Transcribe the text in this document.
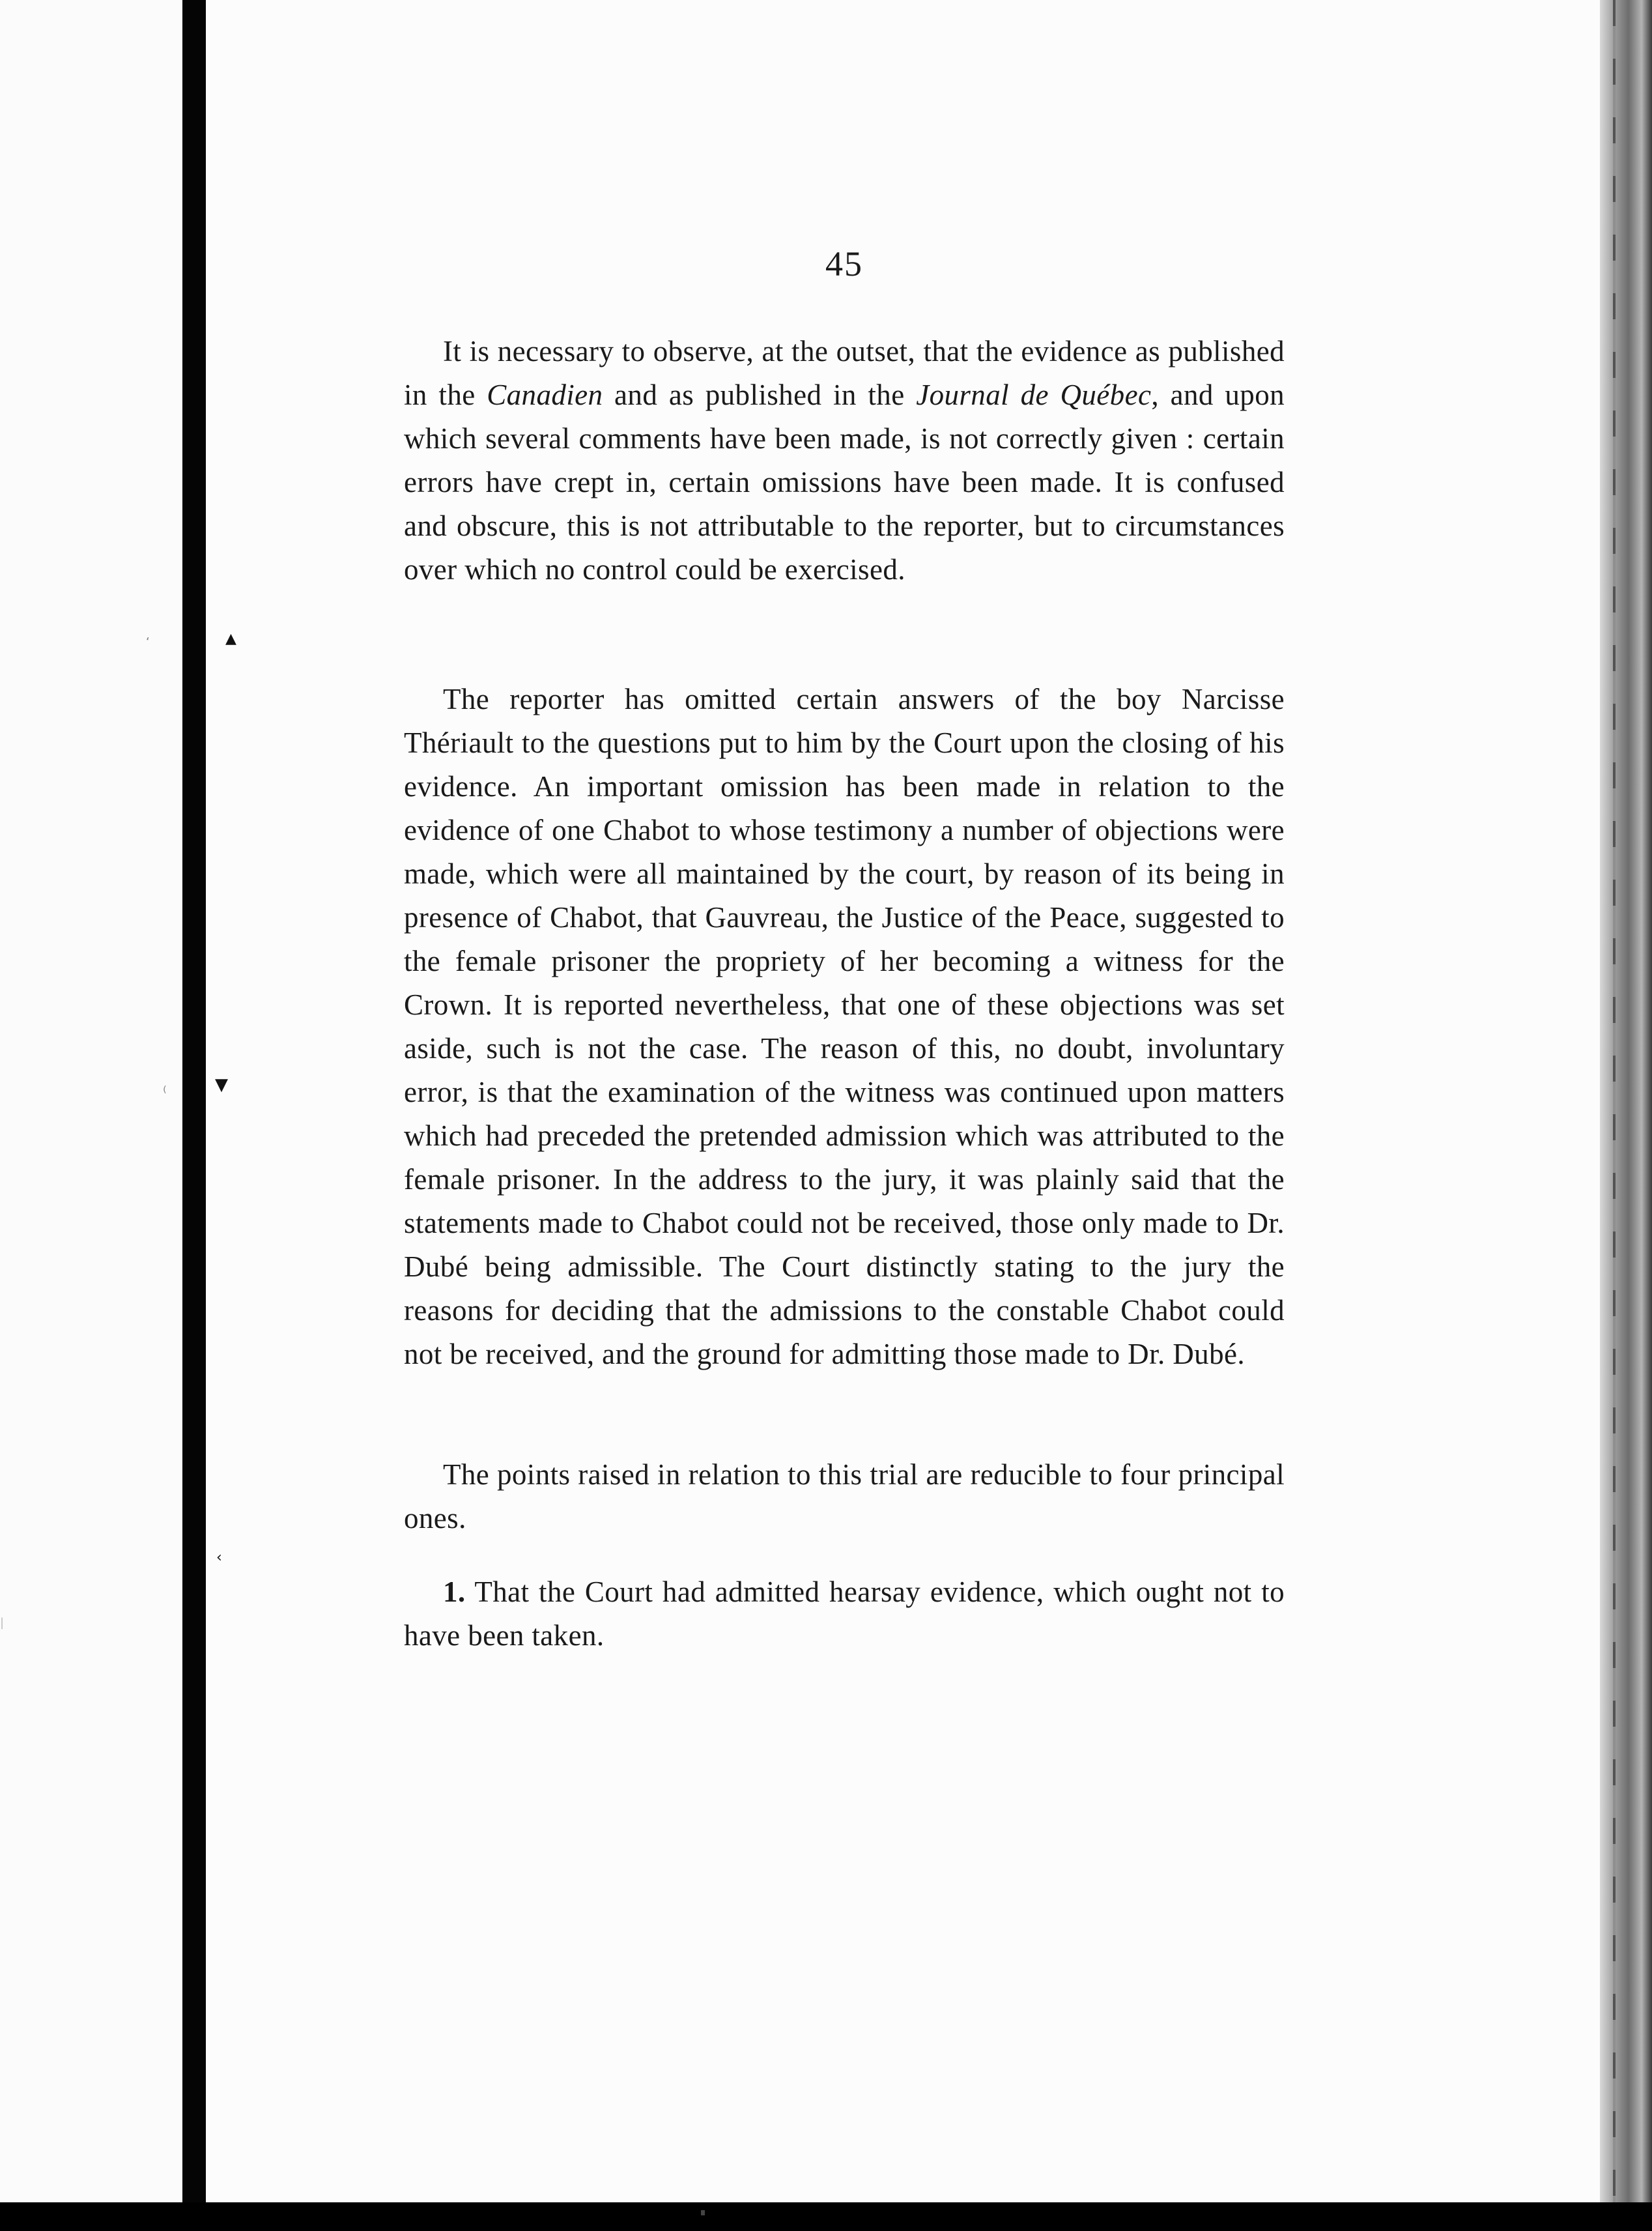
‘	▲
⁽	▼
‹
|
45

It is necessary to observe, at the outset, that the evidence as published in the Canadien and as published in the Journal de Québec, and upon which several comments have been made, is not correctly given : certain errors have crept in, certain omissions have been made. It is confused and obscure, this is not attributable to the reporter, but to circumstances over which no control could be exercised.

The reporter has omitted certain answers of the boy Narcisse Thériault to the questions put to him by the Court upon the closing of his evidence. An important omission has been made in relation to the evidence of one Chabot to whose testimony a number of objections were made, which were all maintained by the court, by reason of its being in presence of Chabot, that Gauvreau, the Justice of the Peace, suggested to the female prisoner the propriety of her becoming a witness for the Crown. It is reported nevertheless, that one of these objections was set aside, such is not the case. The reason of this, no doubt, involuntary error, is that the examination of the witness was continued upon matters which had preceded the pretended admission which was attributed to the female prisoner. In the address to the jury, it was plainly said that the statements made to Chabot could not be received, those only made to Dr. Dubé being admissible. The Court distinctly stating to the jury the reasons for deciding that the admissions to the constable Chabot could not be received, and the ground for admitting those made to Dr. Dubé.

The points raised in relation to this trial are reducible to four principal ones.

1. That the Court had admitted hearsay evidence, which ought not to have been taken.
